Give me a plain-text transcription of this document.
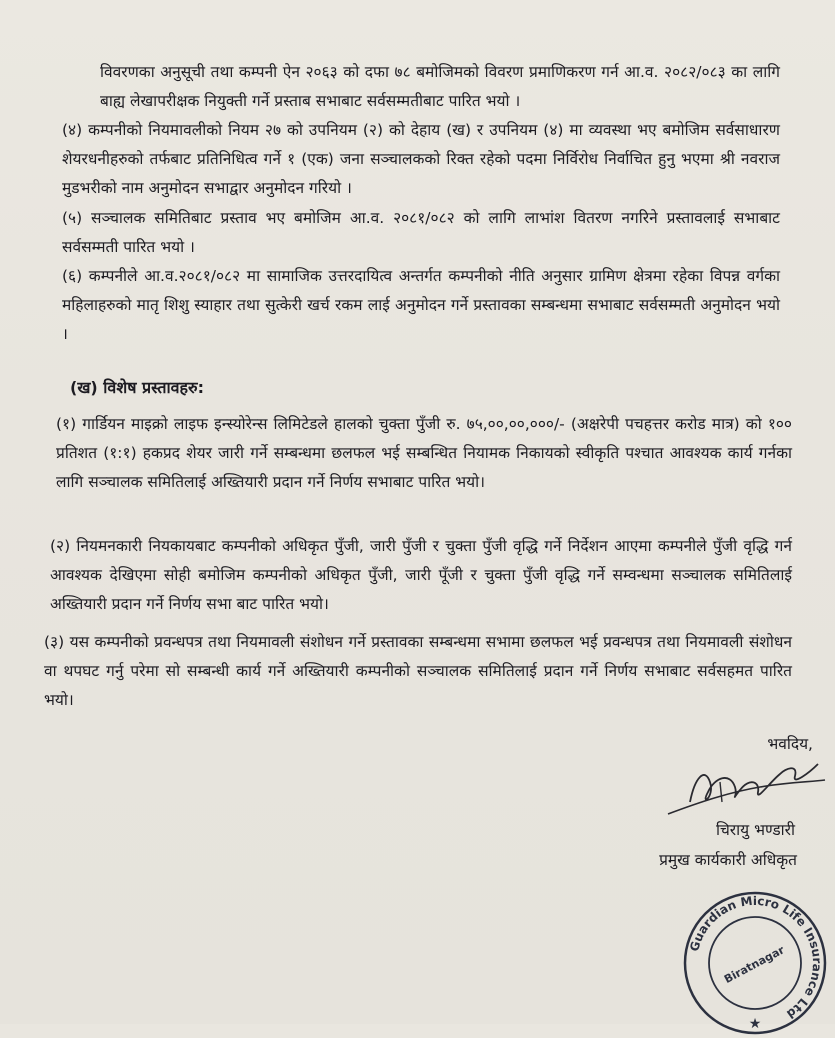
विवरणका अनुसूची तथा कम्पनी ऐन २०६३ को दफा ७८ बमोजिमको विवरण प्रमाणिकरण गर्न आ.व. २०८२/०८३ का लागि बाह्य लेखापरीक्षक नियुक्ती गर्ने प्रस्ताब सभाबाट सर्वसम्मतीबाट पारित भयो ।
(४) कम्पनीको नियमावलीको नियम २७ को उपनियम (२) को देहाय (ख) र उपनियम (४) मा व्यवस्था भए बमोजिम सर्वसाधारण शेयरधनीहरुको तर्फबाट प्रतिनिधित्व गर्ने १ (एक) जना सञ्चालकको रिक्त रहेको पदमा निर्विरोध निर्वाचित हुनु भएमा श्री नवराज मुडभरीको नाम अनुमोदन सभाद्वार अनुमोदन गरियो ।
(५) सञ्चालक समितिबाट प्रस्ताव भए बमोजिम आ.व. २०८१/०८२ को लागि लाभांश वितरण नगरिने प्रस्तावलाई सभाबाट सर्वसम्मती पारित भयो ।
(६) कम्पनीले आ.व.२०८१/०८२ मा सामाजिक उत्तरदायित्व अन्तर्गत कम्पनीको नीति अनुसार ग्रामिण क्षेत्रमा रहेका विपन्न वर्गका महिलाहरुको मातृ शिशु स्याहार तथा सुत्केरी खर्च रकम लाई अनुमोदन गर्ने प्रस्तावका सम्बन्धमा सभाबाट सर्वसम्मती अनुमोदन भयो ।
(ख) विशेष प्रस्तावहरु:
(१) गार्डियन माइक्रो लाइफ इन्स्योरेन्स लिमिटेडले हालको चुक्ता पुँजी रु. ७५,००,००,०००/- (अक्षरेपी पचहत्तर करोड मात्र) को १०० प्रतिशत (१:१) हकप्रद शेयर जारी गर्ने सम्बन्धमा छलफल भई सम्बन्धित नियामक निकायको स्वीकृति पश्चात आवश्यक कार्य गर्नका लागि सञ्चालक समितिलाई अख्तियारी प्रदान गर्ने निर्णय सभाबाट पारित भयो।
(२) नियमनकारी नियकायबाट कम्पनीको अधिकृत पुँजी, जारी पुँजी र चुक्ता पुँजी वृद्धि गर्ने निर्देशन आएमा कम्पनीले पुँजी वृद्धि गर्न आवश्यक देखिएमा सोही बमोजिम कम्पनीको अधिकृत पुँजी, जारी पूँजी र चुक्ता पुँजी वृद्धि गर्ने सम्वन्धमा सञ्चालक समितिलाई अख्तियारी प्रदान गर्ने निर्णय सभा बाट पारित भयो।
(३) यस कम्पनीको प्रवन्धपत्र तथा नियमावली संशोधन गर्ने प्रस्तावका सम्बन्धमा सभामा छलफल भई प्रवन्धपत्र तथा नियमावली संशोधन वा थपघट गर्नु परेमा सो सम्बन्धी कार्य गर्ने अख्तियारी कम्पनीको सञ्चालक समितिलाई प्रदान गर्ने निर्णय सभाबाट सर्वसहमत पारित भयो।
भवदिय,
चिरायु भण्डारी
प्रमुख कार्यकारी अधिकृत
Guardian Micro Life Insurance Ltd
Biratnagar
★
